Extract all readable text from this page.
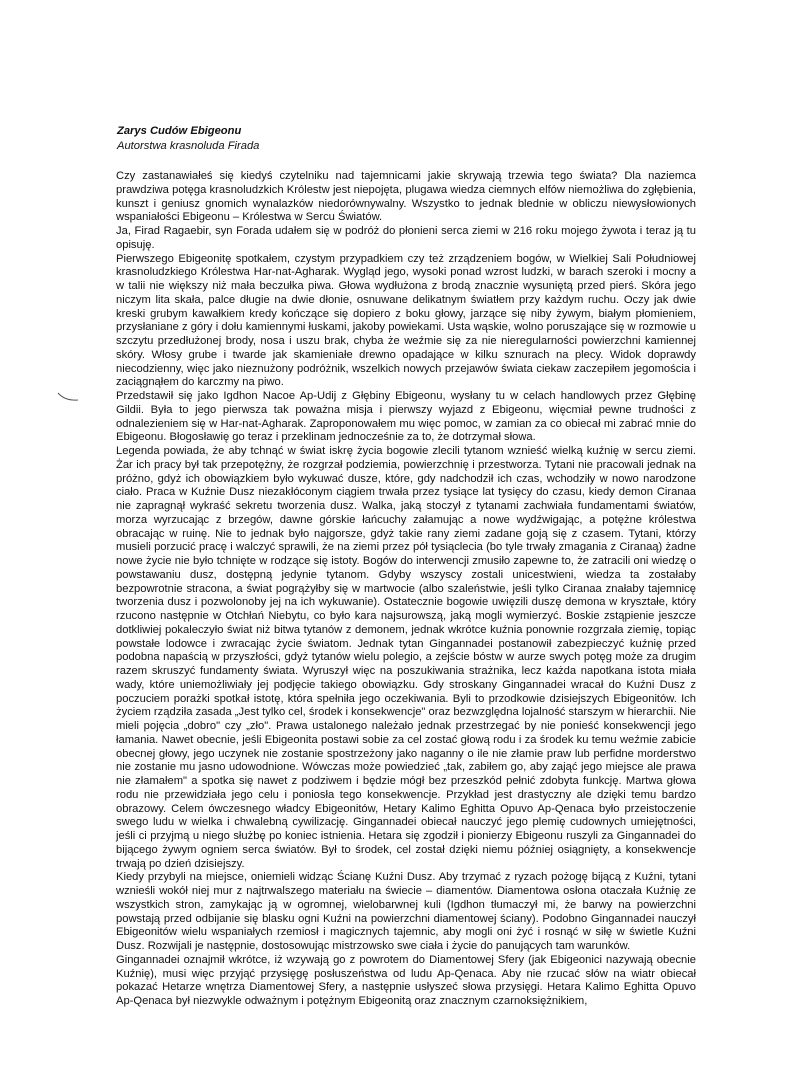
Zarys Cudów Ebigeonu
Autorstwa krasnoluda Firada

Czy zastanawiałeś się kiedyś czytelniku nad tajemnicami jakie skrywają trzewia tego świata? Dla naziemca prawdziwa potęga krasnoludzkich Królestw jest niepojęta, plugawa wiedza ciemnych elfów niemożliwa do zgłębienia, kunszt i geniusz gnomich wynalazków niedorównywalny. Wszystko to jednak blednie w obliczu niewysłowionych wspaniałości Ebigeonu – Królestwa w Sercu Światów.

Ja, Firad Ragaebir, syn Forada udałem się w podróż do płonieni serca ziemi w 216 roku mojego żywota i teraz ją tu opisuję.

Pierwszego Ebigeonitę spotkałem, czystym przypadkiem czy też zrządzeniem bogów, w Wielkiej Sali Południowej krasnoludzkiego Królestwa Har-nat-Agharak. Wygląd jego, wysoki ponad wzrost ludzki, w barach szeroki i mocny a w talii nie większy niż mała beczułka piwa. Głowa wydłużona z brodą znacznie wysuniętą przed pierś. Skóra jego niczym lita skała, palce długie na dwie dłonie, osnuwane delikatnym światłem przy każdym ruchu. Oczy jak dwie kreski grubym kawałkiem kredy kończące się dopiero z boku głowy, jarzące się niby żywym, białym płomieniem, przysłaniane z góry i dołu kamiennymi łuskami, jakoby powiekami. Usta wąskie, wolno poruszające się w rozmowie u szczytu przedłużonej brody, nosa i uszu brak, chyba że weźmie się za nie nieregularności powierzchni kamiennej skóry. Włosy grube i twarde jak skamieniałe drewno opadające w kilku sznurach na plecy. Widok doprawdy niecodzienny, więc jako nieznużony podróżnik, wszelkich nowych przejawów świata ciekaw zaczepiłem jegomościa i zaciągnąłem do karczmy na piwo.

Przedstawił się jako Igdhon Nacoe Ap-Udij z Głębiny Ebigeonu, wysłany tu w celach handlowych przez Głębinę Gildii. Była to jego pierwsza tak poważna misja i pierwszy wyjazd z Ebigeonu, więcmiał pewne trudności z odnalezieniem się w Har-nat-Agharak. Zaproponowałem mu więc pomoc, w zamian za co obiecał mi zabrać mnie do Ebigeonu. Błogosławię go teraz i przeklinam jednocześnie za to, że dotrzymał słowa.

Legenda powiada, że aby tchnąć w świat iskrę życia bogowie zlecili tytanom wznieść wielką kuźnię w sercu ziemi. Żar ich pracy był tak przepotężny, że rozgrzał podziemia, powierzchnię i przestworza. Tytani nie pracowali jednak na próżno, gdyż ich obowiązkiem było wykuwać dusze, które, gdy nadchodził ich czas, wchodziły w nowo narodzone ciało. Praca w Kuźnie Dusz niezakłóconym ciągiem trwała przez tysiące lat tysięcy do czasu, kiedy demon Ciranaa nie zapragnął wykraść sekretu tworzenia dusz. Walka, jaką stoczył z tytanami zachwiała fundamentami światów, morza wyrzucając z brzegów, dawne górskie łańcuchy załamując a nowe wydźwigając, a potężne królestwa obracając w ruinę. Nie to jednak było najgorsze, gdyż takie rany ziemi zadane goją się z czasem. Tytani, którzy musieli porzucić pracę i walczyć sprawili, że na ziemi przez pół tysiąclecia (bo tyle trwały zmagania z Ciranaą) żadne nowe życie nie było tchnięte w rodzące się istoty. Bogów do interwencji zmusiło zapewne to, że zatracili oni wiedzę o powstawaniu dusz, dostępną jedynie tytanom. Gdyby wszyscy zostali unicestwieni, wiedza ta zostałaby bezpowrotnie stracona, a świat pogrążyłby się w martwocie (albo szaleństwie, jeśli tylko Ciranaa znałaby tajemnicę tworzenia dusz i pozwolonoby jej na ich wykuwanie). Ostatecznie bogowie uwięzili duszę demona w kryształe, który rzucono następnie w Otchłań Niebytu, co było kara najsurowszą, jaką mogli wymierzyć. Boskie zstąpienie jeszcze dotkliwiej pokaleczyło świat niż bitwa tytanów z demonem, jednak wkrótce kuźnia ponownie rozgrzała ziemię, topiąc powstałe lodowce i zwracając życie światom. Jednak tytan Gingannadei postanowił zabezpieczyć kuźnię przed podobna napaścią w przyszłości, gdyż tytanów wielu polegio, a zejście bóstw w aurze swych potęg może za drugim razem skruszyć fundamenty świata. Wyruszył więc na poszukiwania strażnika, lecz każda napotkana istota miała wady, które uniemożliwiały jej podjęcie takiego obowiązku. Gdy stroskany Gingannadei wracał do Kuźni Dusz z poczuciem porażki spotkał istotę, która spełniła jego oczekiwania. Byli to przodkowie dzisiejszych Ebigeonitów. Ich życiem rządziła zasada „Jest tylko cel, środek i konsekwencje" oraz bezwzględna lojalność starszym w hierarchii. Nie mieli pojęcia „dobro" czy „zło". Prawa ustalonego należało jednak przestrzegać by nie ponieść konsekwencji jego łamania. Nawet obecnie, jeśli Ebigeonita postawi sobie za cel zostać głową rodu i za środek ku temu weźmie zabicie obecnej głowy, jego uczynek nie zostanie spostrzeżony jako naganny o ile nie złamie praw lub perfidne morderstwo nie zostanie mu jasno udowodnione. Wówczas może powiedzieć „tak, zabiłem go, aby zająć jego miejsce ale prawa nie złamałem" a spotka się nawet z podziwem i będzie mógł bez przeszkód pełnić zdobyta funkcję. Martwa głowa rodu nie przewidziała jego celu i poniosła tego konsekwencje. Przykład jest drastyczny ale dzięki temu bardzo obrazowy. Celem ówczesnego władcy Ebigeonitów, Hetary Kalimo Eghitta Opuvo Ap-Qenaca było przeistoczenie swego ludu w wielka i chwalebną cywilizację. Gingannadei obiecał nauczyć jego plemię cudownych umiejętności, jeśli ci przyjmą u niego służbę po koniec istnienia. Hetara się zgodził i pionierzy Ebigeonu ruszyli za Gingannadei do bijącego żywym ogniem serca światów. Był to środek, cel został dzięki niemu później osiągnięty, a konsekwencje trwają po dzień dzisiejszy.

Kiedy przybyli na miejsce, oniemieli widząc Ścianę Kuźni Dusz. Aby trzymać z ryzach pożogę bijącą z Kuźni, tytani wznieśli wokół niej mur z najtrwalszego materiału na świecie – diamentów. Diamentowa osłona otaczała Kuźnię ze wszystkich stron, zamykając ją w ogromnej, wielobarwnej kuli (Igdhon tłumaczył mi, że barwy na powierzchni powstają przed odbijanie się blasku ogni Kuźni na powierzchni diamentowej ściany). Podobno Gingannadei nauczył Ebigeonitów wielu wspaniałych rzemiosł i magicznych tajemnic, aby mogli oni żyć i rosnąć w siłę w świetle Kuźni Dusz. Rozwijali je następnie, dostosowując mistrzowsko swe ciała i życie do panujących tam warunków.

Gingannadei oznajmił wkrótce, iż wzywają go z powrotem do Diamentowej Sfery (jak Ebigeonici nazywają obecnie Kuźnię), musi więc przyjąć przysięgę posłuszeństwa od ludu Ap-Qenaca. Aby nie rzucać słów na wiatr obiecał pokazać Hetarze wnętrza Diamentowej Sfery, a następnie usłyszeć słowa przysięgi. Hetara Kalimo Eghitta Opuvo Ap-Qenaca był niezwykle odważnym i potężnym Ebigeonitą oraz znacznym czarnoksiężnikiem,
